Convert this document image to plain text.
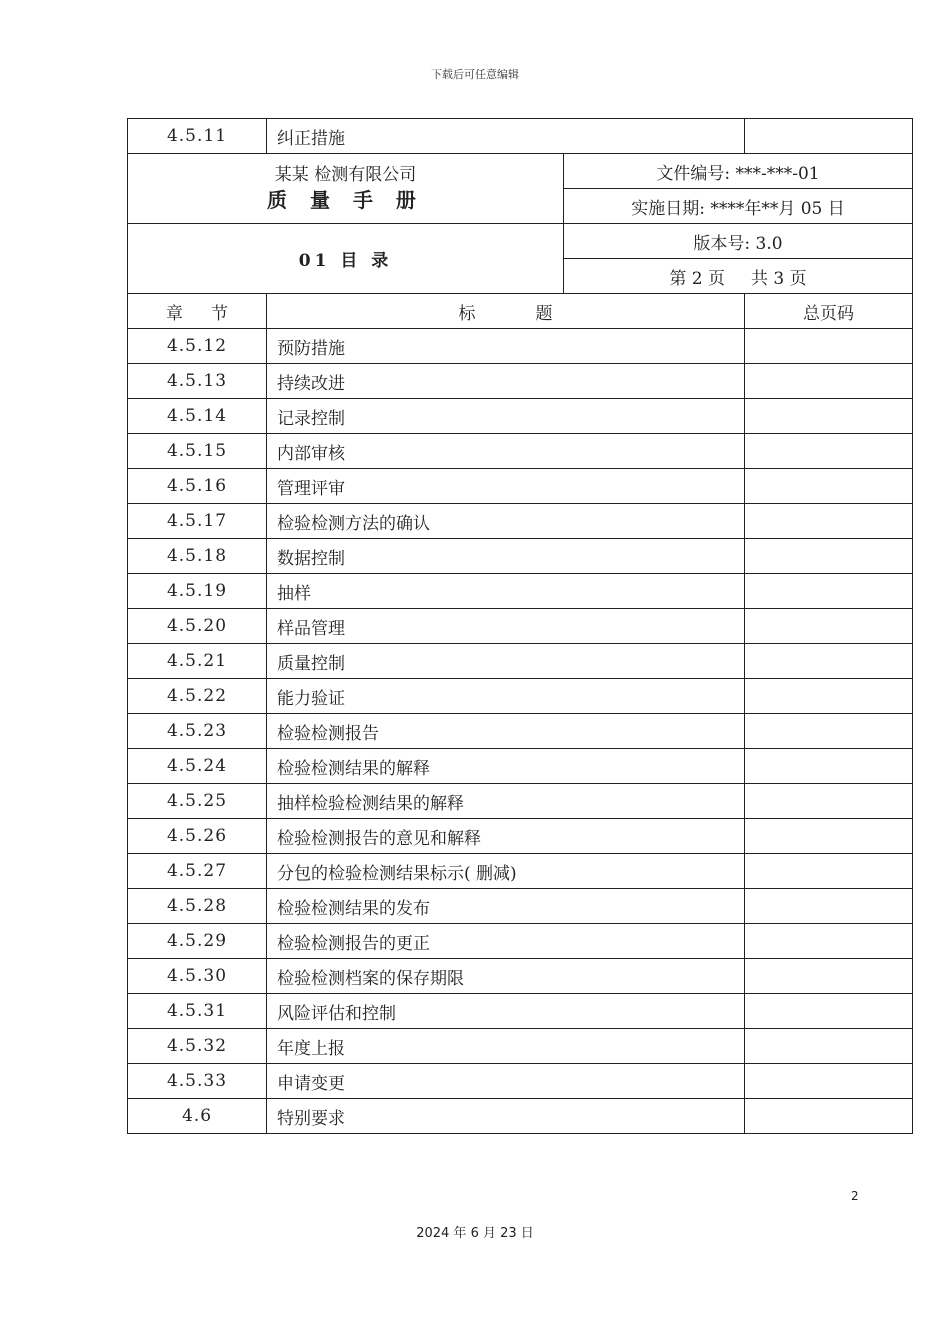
下载后可任意编辑
4.5.11	纠正措施		

某某 检测有限公司
质 量 手 册		文件编号: ***-***-01	
		实施日期: ****年**月 05 日	
01 目 录		版本号: 3.0	
		第 2 页 共 3 页	
章 节	标 题		总页码
4.5.12	预防措施		
4.5.13	持续改进		
4.5.14	记录控制		
4.5.15	内部审核		
4.5.16	管理评审		
4.5.17	检验检测方法的确认		
4.5.18	数据控制		
4.5.19	抽样		
4.5.20	样品管理		
4.5.21	质量控制		
4.5.22	能力验证		
4.5.23	检验检测报告		
4.5.24	检验检测结果的解释		
4.5.25	抽样检验检测结果的解释		
4.5.26	检验检测报告的意见和解释		
4.5.27	分包的检验检测结果标示( 删减)		
4.5.28	检验检测结果的发布		
4.5.29	检验检测报告的更正		
4.5.30	检验检测档案的保存期限		
4.5.31	风险评估和控制		
4.5.32	年度上报		
4.5.33	申请变更		
4.6	特别要求		
2
2024 年 6 月 23 日
